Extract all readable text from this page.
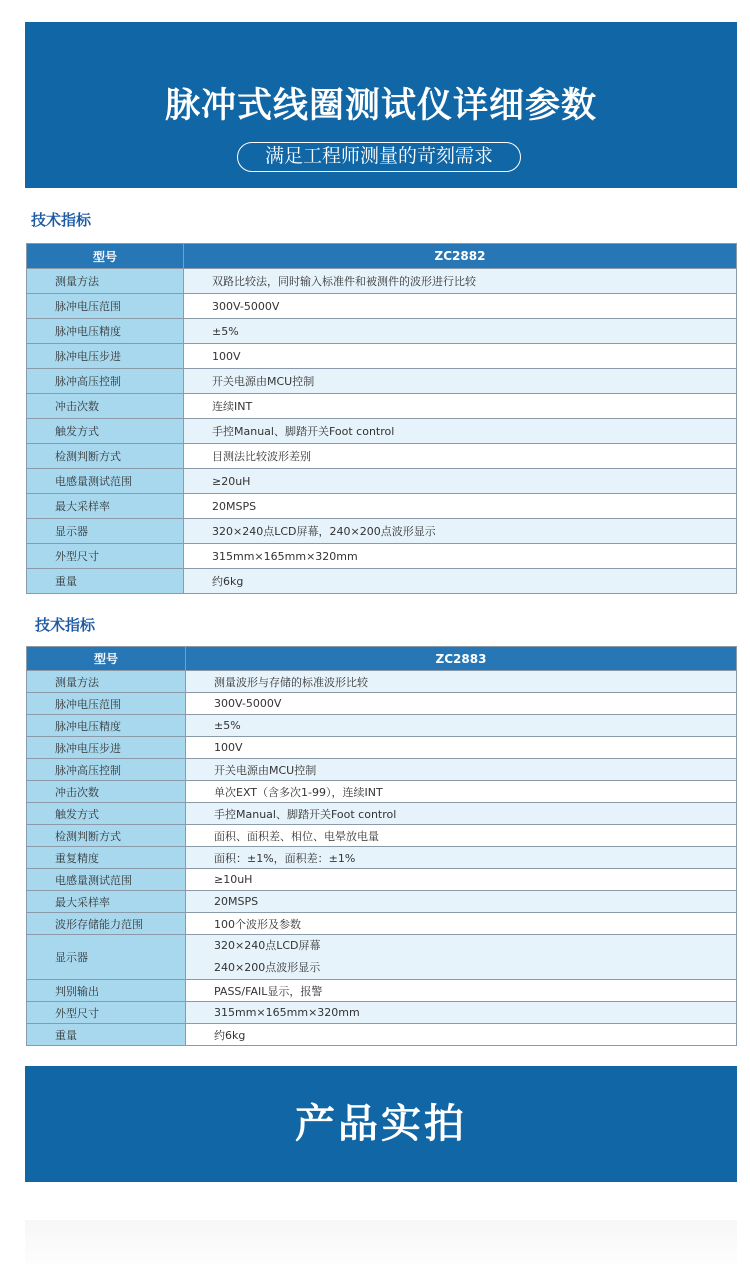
脉冲式线圈测试仪详细参数
满足工程师测量的苛刻需求
技术指标
型号	ZC2882
测量方法	双路比较法，同时输入标准件和被测件的波形进行比较
脉冲电压范围	300V-5000V
脉冲电压精度	±5%
脉冲电压步进	100V
脉冲高压控制	开关电源由MCU控制
冲击次数	连续INT
触发方式	手控Manual、脚踏开关Foot control
检测判断方式	目测法比较波形差别
电感量测试范围	≥20uH
最大采样率	20MSPS
显示器	320×240点LCD屏幕，240×200点波形显示
外型尺寸	315mm×165mm×320mm
重量	约6kg
技术指标
型号	ZC2883
测量方法	测量波形与存储的标准波形比较
脉冲电压范围	300V-5000V
脉冲电压精度	±5%
脉冲电压步进	100V
脉冲高压控制	开关电源由MCU控制
冲击次数	单次EXT（含多次1-99），连续INT
触发方式	手控Manual、脚踏开关Foot control
检测判断方式	面积、面积差、相位、电晕放电量
重复精度	面积：±1%，面积差：±1%
电感量测试范围	≥10uH
最大采样率	20MSPS
波形存储能力范围	100个波形及参数
显示器	320×240点LCD屏幕
240×200点波形显示

判别输出	PASS/FAIL显示，报警
外型尺寸	315mm×165mm×320mm
重量	约6kg
产品实拍
